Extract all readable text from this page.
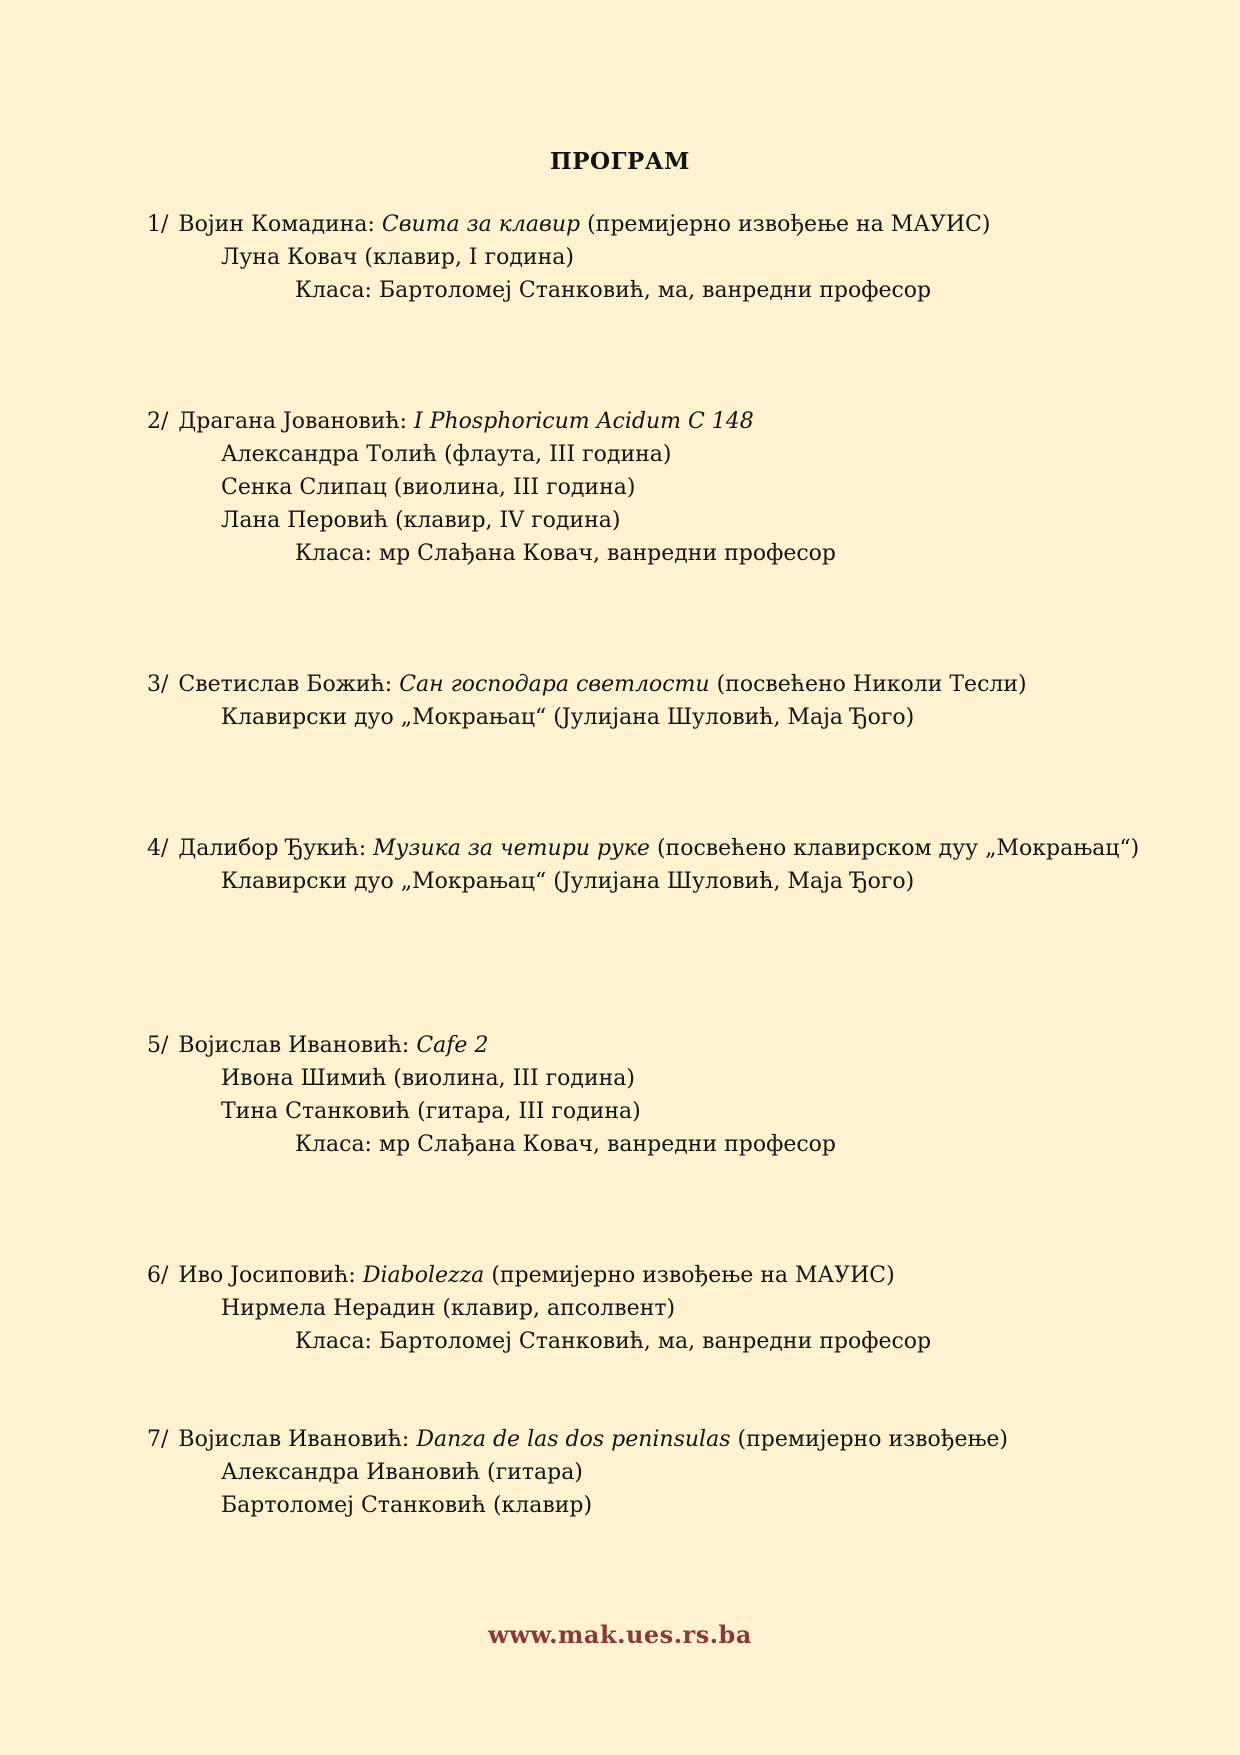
ПРОГРАМ
1/ Војин Комадина: Свита за клавир (премијерно извођење на МАУИС)
Луна Ковач (клавир, I година)
Класа: Бартоломеј Станковић, ма, ванредни професор
2/ Драгана Јовановић: I Phosphoricum Acidum C 148
Александра Толић (флаута, III година)
Сенка Слипац (виолина, III година)
Лана Перовић (клавир, IV година)
Класа: мр Слађана Ковач, ванредни професор
3/ Светислав Божић: Сан господара светлости (посвећено Николи Тесли)
Клавирски дуо „Мокрањац“ (Јулијана Шуловић, Маја Ђого)
4/ Далибор Ђукић: Музика за четири руке (посвећено клавирском дуу „Мокрањац“)
Клавирски дуо „Мокрањац“ (Јулијана Шуловић, Маја Ђого)
5/ Војислав Ивановић: Cafe 2
Ивона Шимић (виолина, III година)
Тина Станковић (гитара, III година)
Класа: мр Слађана Ковач, ванредни професор
6/ Иво Јосиповић: Diabolezza (премијерно извођење на МАУИС)
Нирмела Нерадин (клавир, апсолвент)
Класа: Бартоломеј Станковић, ма, ванредни професор
7/ Војислав Ивановић: Danza de las dos peninsulas (премијерно извођење)
Александра Ивановић (гитара)
Бартоломеј Станковић (клавир)
www.mak.ues.rs.ba
